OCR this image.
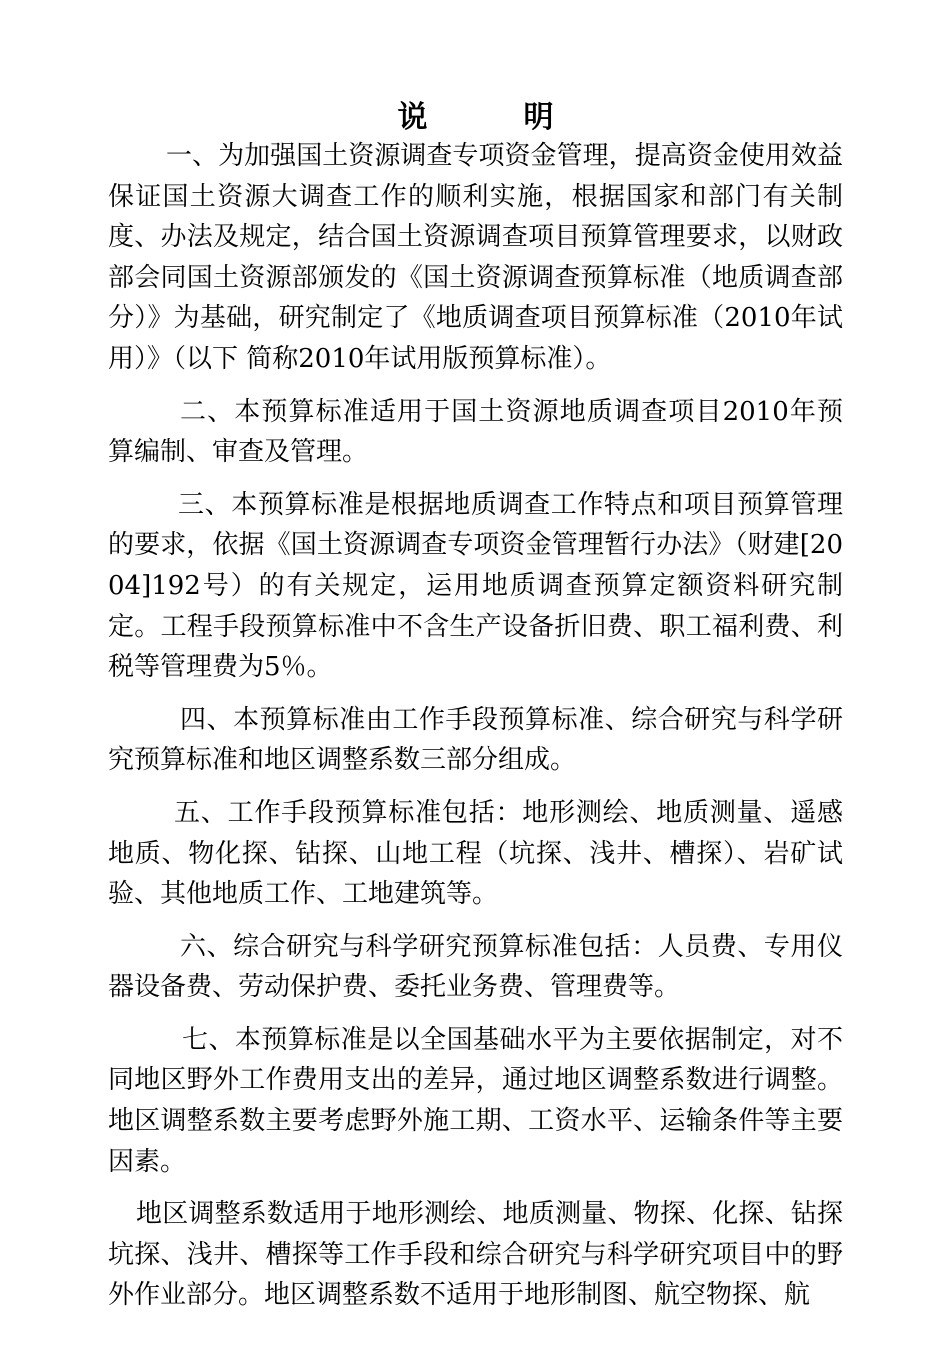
说	明

一、为加强国土资源调查专项资金管理，提高资金使用效益保证国土资源大调查工作的顺利实施，根据国家和部门有关制度、办法及规定，结合国土资源调查项目预算管理要求，以财政部会同国土资源部颁发的《国土资源调查预算标准（地质调查部分）》为基础，研究制定了《地质调查项目预算标准（2010年试用）》（以下 简称2010年试用版预算标准）。

二、本预算标准适用于国土资源地质调查项目2010年预算编制、审查及管理。

三、本预算标准是根据地质调查工作特点和项目预算管理的要求，依据《国土资源调查专项资金管理暂行办法》（财建[2004]192号）的有关规定，运用地质调查预算定额资料研究制定。工程手段预算标准中不含生产设备折旧费、职工福利费、利税等管理费为5％。

四、本预算标准由工作手段预算标准、综合研究与科学研究预算标准和地区调整系数三部分组成。

五、工作手段预算标准包括：地形测绘、地质测量、遥感地质、物化探、钻探、山地工程（坑探、浅井、槽探）、岩矿试验、其他地质工作、工地建筑等。

六、综合研究与科学研究预算标准包括：人员费、专用仪器设备费、劳动保护费、委托业务费、管理费等。

七、本预算标准是以全国基础水平为主要依据制定，对不同地区野外工作费用支出的差异，通过地区调整系数进行调整。地区调整系数主要考虑野外施工期、工资水平、运输条件等主要因素。

地区调整系数适用于地形测绘、地质测量、物探、化探、钻探坑探、浅井、槽探等工作手段和综合研究与科学研究项目中的野外作业部分。地区调整系数不适用于地形制图、航空物探、航
